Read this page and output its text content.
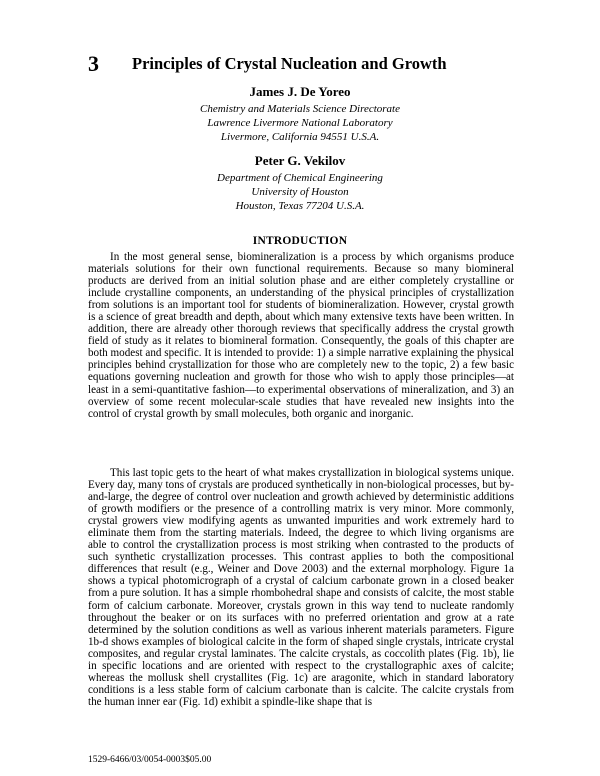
3 Principles of Crystal Nucleation and Growth
James J. De Yoreo
Chemistry and Materials Science Directorate
Lawrence Livermore National Laboratory
Livermore, California 94551 U.S.A.
Peter G. Vekilov
Department of Chemical Engineering
University of Houston
Houston, Texas 77204 U.S.A.
INTRODUCTION

In the most general sense, biomineralization is a process by which organisms produce materials solutions for their own functional requirements. Because so many biomineral products are derived from an initial solution phase and are either completely crystalline or include crystalline components, an understanding of the physical principles of crystallization from solutions is an important tool for students of biomineralization. However, crystal growth is a science of great breadth and depth, about which many extensive texts have been written. In addition, there are already other thorough reviews that specifically address the crystal growth field of study as it relates to biomineral formation. Consequently, the goals of this chapter are both modest and specific. It is intended to provide: 1) a simple narrative explaining the physical principles behind crystallization for those who are completely new to the topic, 2) a few basic equations governing nucleation and growth for those who wish to apply those principles—at least in a semi-quantitative fashion—to experimental observations of mineralization, and 3) an overview of some recent molecular-scale studies that have revealed new insights into the control of crystal growth by small molecules, both organic and inorganic.

This last topic gets to the heart of what makes crystallization in biological systems unique. Every day, many tons of crystals are produced synthetically in non-biological processes, but by-and-large, the degree of control over nucleation and growth achieved by deterministic additions of growth modifiers or the presence of a controlling matrix is very minor. More commonly, crystal growers view modifying agents as unwanted impurities and work extremely hard to eliminate them from the starting materials. Indeed, the degree to which living organisms are able to control the crystallization process is most striking when contrasted to the products of such synthetic crystallization processes. This contrast applies to both the compositional differences that result (e.g., Weiner and Dove 2003) and the external morphology. Figure 1a shows a typical photomicrograph of a crystal of calcium carbonate grown in a closed beaker from a pure solution. It has a simple rhombohedral shape and consists of calcite, the most stable form of calcium carbonate. Moreover, crystals grown in this way tend to nucleate randomly throughout the beaker or on its surfaces with no preferred orientation and grow at a rate determined by the solution conditions as well as various inherent materials parameters. Figure 1b-d shows examples of biological calcite in the form of shaped single crystals, intricate crystal composites, and regular crystal laminates. The calcite crystals, as coccolith plates (Fig. 1b), lie in specific locations and are oriented with respect to the crystallographic axes of calcite; whereas the mollusk shell crystallites (Fig. 1c) are aragonite, which in standard laboratory conditions is a less stable form of calcium carbonate than is calcite. The calcite crystals from the human inner ear (Fig. 1d) exhibit a spindle-like shape that is

1529-6466/03/0054-0003$05.00
